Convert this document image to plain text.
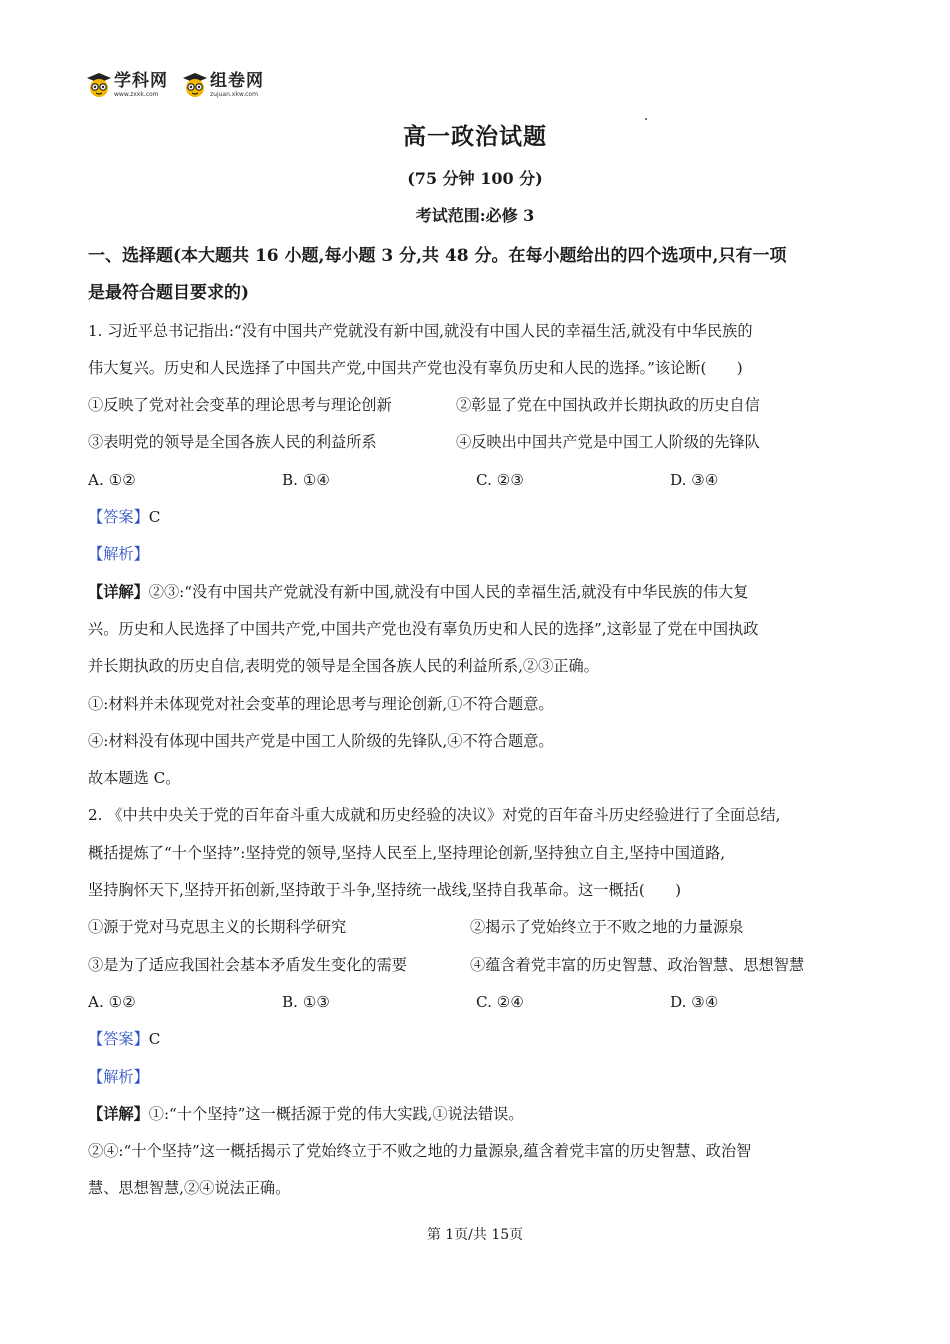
学科网
www.zxxk.com
组卷网
zujuan.xkw.com
高一政治试题
(75 分钟 100 分)
考试范围:必修 3
一、选择题(本大题共 16 小题,每小题 3 分,共 48 分。在每小题给出的四个选项中,只有一项
是最符合题目要求的)
1. 习近平总书记指出:“没有中国共产党就没有新中国,就没有中国人民的幸福生活,就没有中华民族的
伟大复兴。历史和人民选择了中国共产党,中国共产党也没有辜负历史和人民的选择。”该论断(　　)
①反映了党对社会变革的理论思考与理论创新	②彰显了党在中国执政并长期执政的历史自信
③表明党的领导是全国各族人民的利益所系	④反映出中国共产党是中国工人阶级的先锋队
A. ①②	B. ①④	C. ②③	D. ③④
【答案】C
【解析】
【详解】②③:“没有中国共产党就没有新中国,就没有中国人民的幸福生活,就没有中华民族的伟大复
兴。历史和人民选择了中国共产党,中国共产党也没有辜负历史和人民的选择”,这彰显了党在中国执政
并长期执政的历史自信,表明党的领导是全国各族人民的利益所系,②③正确。
①:材料并未体现党对社会变革的理论思考与理论创新,①不符合题意。
④:材料没有体现中国共产党是中国工人阶级的先锋队,④不符合题意。
故本题选 C。
2. 《中共中央关于党的百年奋斗重大成就和历史经验的决议》对党的百年奋斗历史经验进行了全面总结,
概括提炼了“十个坚持”:坚持党的领导,坚持人民至上,坚持理论创新,坚持独立自主,坚持中国道路,
坚持胸怀天下,坚持开拓创新,坚持敢于斗争,坚持统一战线,坚持自我革命。这一概括(　　)
①源于党对马克思主义的长期科学研究	②揭示了党始终立于不败之地的力量源泉
③是为了适应我国社会基本矛盾发生变化的需要	④蕴含着党丰富的历史智慧、政治智慧、思想智慧
A. ①②	B. ①③	C. ②④	D. ③④
【答案】C
【解析】
【详解】①:“十个坚持”这一概括源于党的伟大实践,①说法错误。
②④:“十个坚持”这一概括揭示了党始终立于不败之地的力量源泉,蕴含着党丰富的历史智慧、政治智
慧、思想智慧,②④说法正确。
第 1页/共 15页
